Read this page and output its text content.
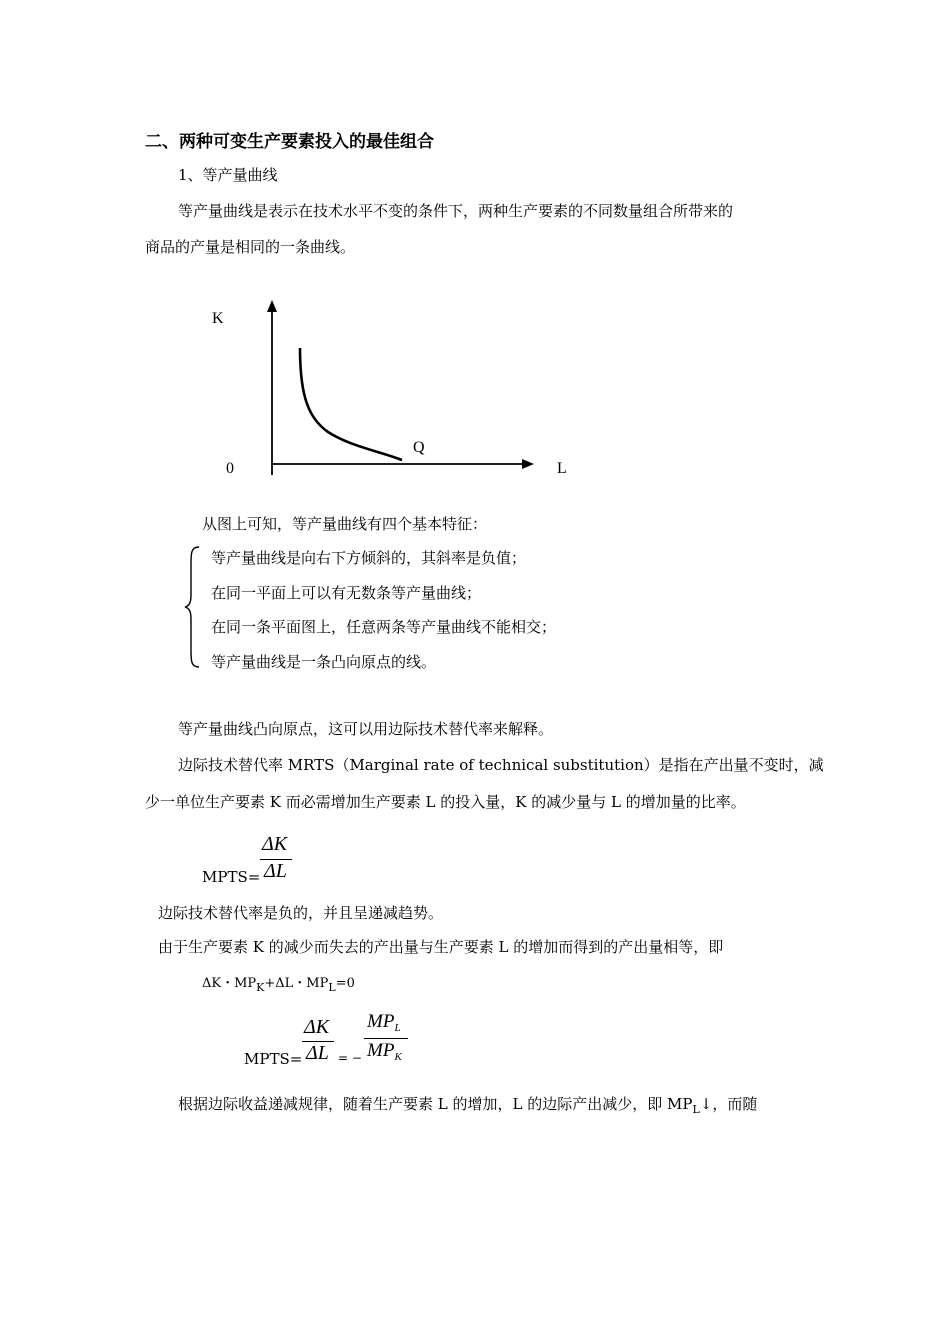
二、两种可变生产要素投入的最佳组合
1、等产量曲线
等产量曲线是表示在技术水平不变的条件下，两种生产要素的不同数量组合所带来的
商品的产量是相同的一条曲线。
K
L
0
Q
从图上可知，等产量曲线有四个基本特征：
等产量曲线是向右下方倾斜的，其斜率是负值；
在同一平面上可以有无数条等产量曲线；
在同一条平面图上，任意两条等产量曲线不能相交；
等产量曲线是一条凸向原点的线。
等产量曲线凸向原点，这可以用边际技术替代率来解释。
边际技术替代率 MRTS（Marginal rate of technical substitution）是指在产出量不变时，减
少一单位生产要素 K 而必需增加生产要素 L 的投入量，K 的减少量与 L 的增加量的比率。
MPTS=
ΔK
ΔL
边际技术替代率是负的，并且呈递减趋势。
由于生产要素 K 的减少而失去的产出量与生产要素 L 的增加而得到的产出量相等，即
ΔK・$MP_K+\Delta L$・$MP_L=0$
MPTS=
ΔK
ΔL = −
$MP_L$
$MP_K$
根据边际收益递减规律，随着生产要素 L 的增加，L 的边际产出减少，即 $MP_L↓$，而随
